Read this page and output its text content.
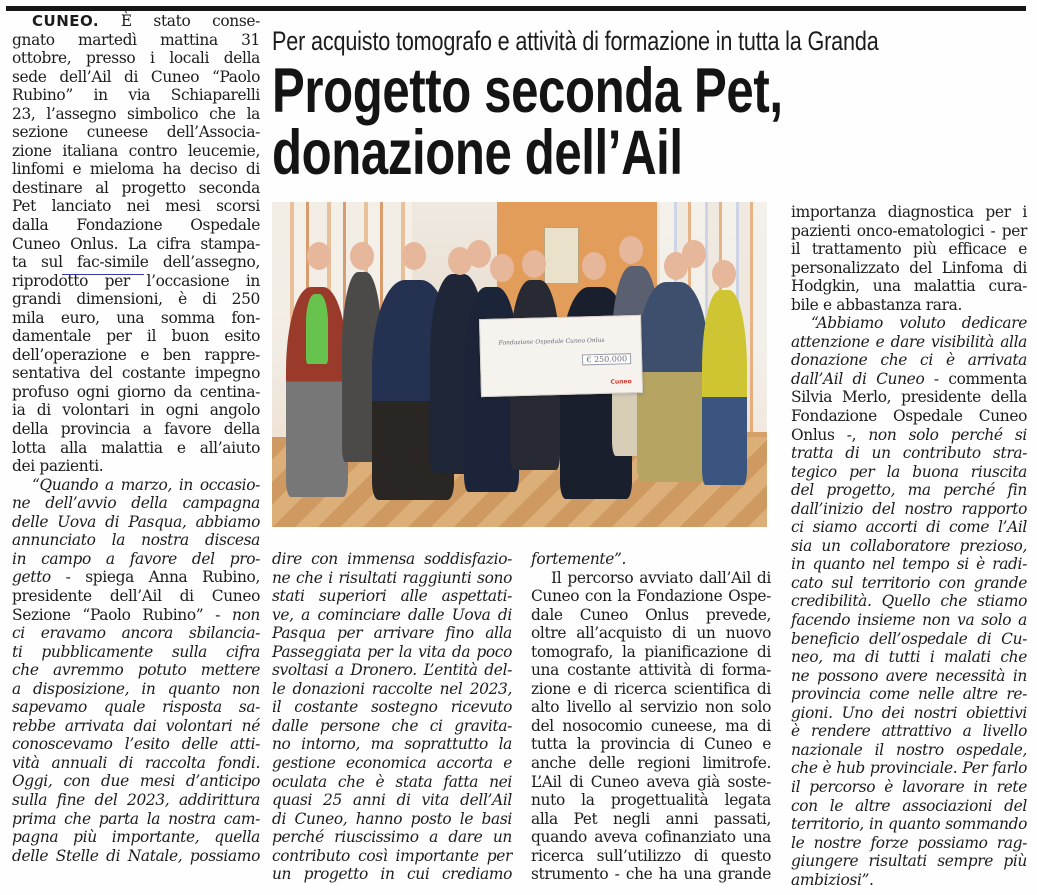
Per acquisto tomografo e attività di formazione in tutta la Granda
Progetto seconda Pet,
donazione dell’Ail
Fondazione Ospedale Cuneo Onlus
€ 250.000
Cuneo
CUNEO. È stato conse-
gnato martedì mattina 31
ottobre, presso i locali della
sede dell’Ail di Cuneo “Paolo
Rubino” in via Schiaparelli
23, l’assegno simbolico che la
sezione cuneese dell’Associa-
zione italiana contro leucemie,
linfomi e mieloma ha deciso di
destinare al progetto seconda
Pet lanciato nei mesi scorsi
dalla Fondazione Ospedale
Cuneo Onlus. La cifra stampa-
ta sul fac-simile dell’assegno,
riprodotto per l’occasione in
grandi dimensioni, è di 250
mila euro, una somma fon-
damentale per il buon esito
dell’operazione e ben rappre-
sentativa del costante impegno
profuso ogni giorno da centina-
ia di volontari in ogni angolo
della provincia a favore della
lotta alla malattia e all’aiuto
dei pazienti.
“Quando a marzo, in occasio-
ne dell’avvio della campagna
delle Uova di Pasqua, abbiamo
annunciato la nostra discesa
in campo a favore del pro-
getto - spiega Anna Rubino,
presidente dell’Ail di Cuneo
Sezione “Paolo Rubino” - non
ci eravamo ancora sbilancia-
ti pubblicamente sulla cifra
che avremmo potuto mettere
a disposizione, in quanto non
sapevamo quale risposta sa-
rebbe arrivata dai volontari né
conoscevamo l’esito delle atti-
vità annuali di raccolta fondi.
Oggi, con due mesi d’anticipo
sulla fine del 2023, addirittura
prima che parta la nostra cam-
pagna più importante, quella
delle Stelle di Natale, possiamo
dire con immensa soddisfazio-
ne che i risultati raggiunti sono
stati superiori alle aspettati-
ve, a cominciare dalle Uova di
Pasqua per arrivare fino alla
Passeggiata per la vita da poco
svoltasi a Dronero. L’entità del-
le donazioni raccolte nel 2023,
il costante sostegno ricevuto
dalle persone che ci gravita-
no intorno, ma soprattutto la
gestione economica accorta e
oculata che è stata fatta nei
quasi 25 anni di vita dell’Ail
di Cuneo, hanno posto le basi
perché riuscissimo a dare un
contributo così importante per
un progetto in cui crediamo
fortemente”.
Il percorso avviato dall’Ail di
Cuneo con la Fondazione Ospe-
dale Cuneo Onlus prevede,
oltre all’acquisto di un nuovo
tomografo, la pianificazione di
una costante attività di forma-
zione e di ricerca scientifica di
alto livello al servizio non solo
del nosocomio cuneese, ma di
tutta la provincia di Cuneo e
anche delle regioni limitrofe.
L’Ail di Cuneo aveva già soste-
nuto la progettualità legata
alla Pet negli anni passati,
quando aveva cofinanziato una
ricerca sull’utilizzo di questo
strumento - che ha una grande
importanza diagnostica per i
pazienti onco-ematologici - per
il trattamento più efficace e
personalizzato del Linfoma di
Hodgkin, una malattia cura-
bile e abbastanza rara.
“Abbiamo voluto dedicare
attenzione e dare visibilità alla
donazione che ci è arrivata
dall’Ail di Cuneo - commenta
Silvia Merlo, presidente della
Fondazione Ospedale Cuneo
Onlus -, non solo perché si
tratta di un contributo stra-
tegico per la buona riuscita
del progetto, ma perché fin
dall’inizio del nostro rapporto
ci siamo accorti di come l’Ail
sia un collaboratore prezioso,
in quanto nel tempo si è radi-
cato sul territorio con grande
credibilità. Quello che stiamo
facendo insieme non va solo a
beneficio dell’ospedale di Cu-
neo, ma di tutti i malati che
ne possono avere necessità in
provincia come nelle altre re-
gioni. Uno dei nostri obiettivi
è rendere attrattivo a livello
nazionale il nostro ospedale,
che è hub provinciale. Per farlo
il percorso è lavorare in rete
con le altre associazioni del
territorio, in quanto sommando
le nostre forze possiamo rag-
giungere risultati sempre più
ambiziosi”.
